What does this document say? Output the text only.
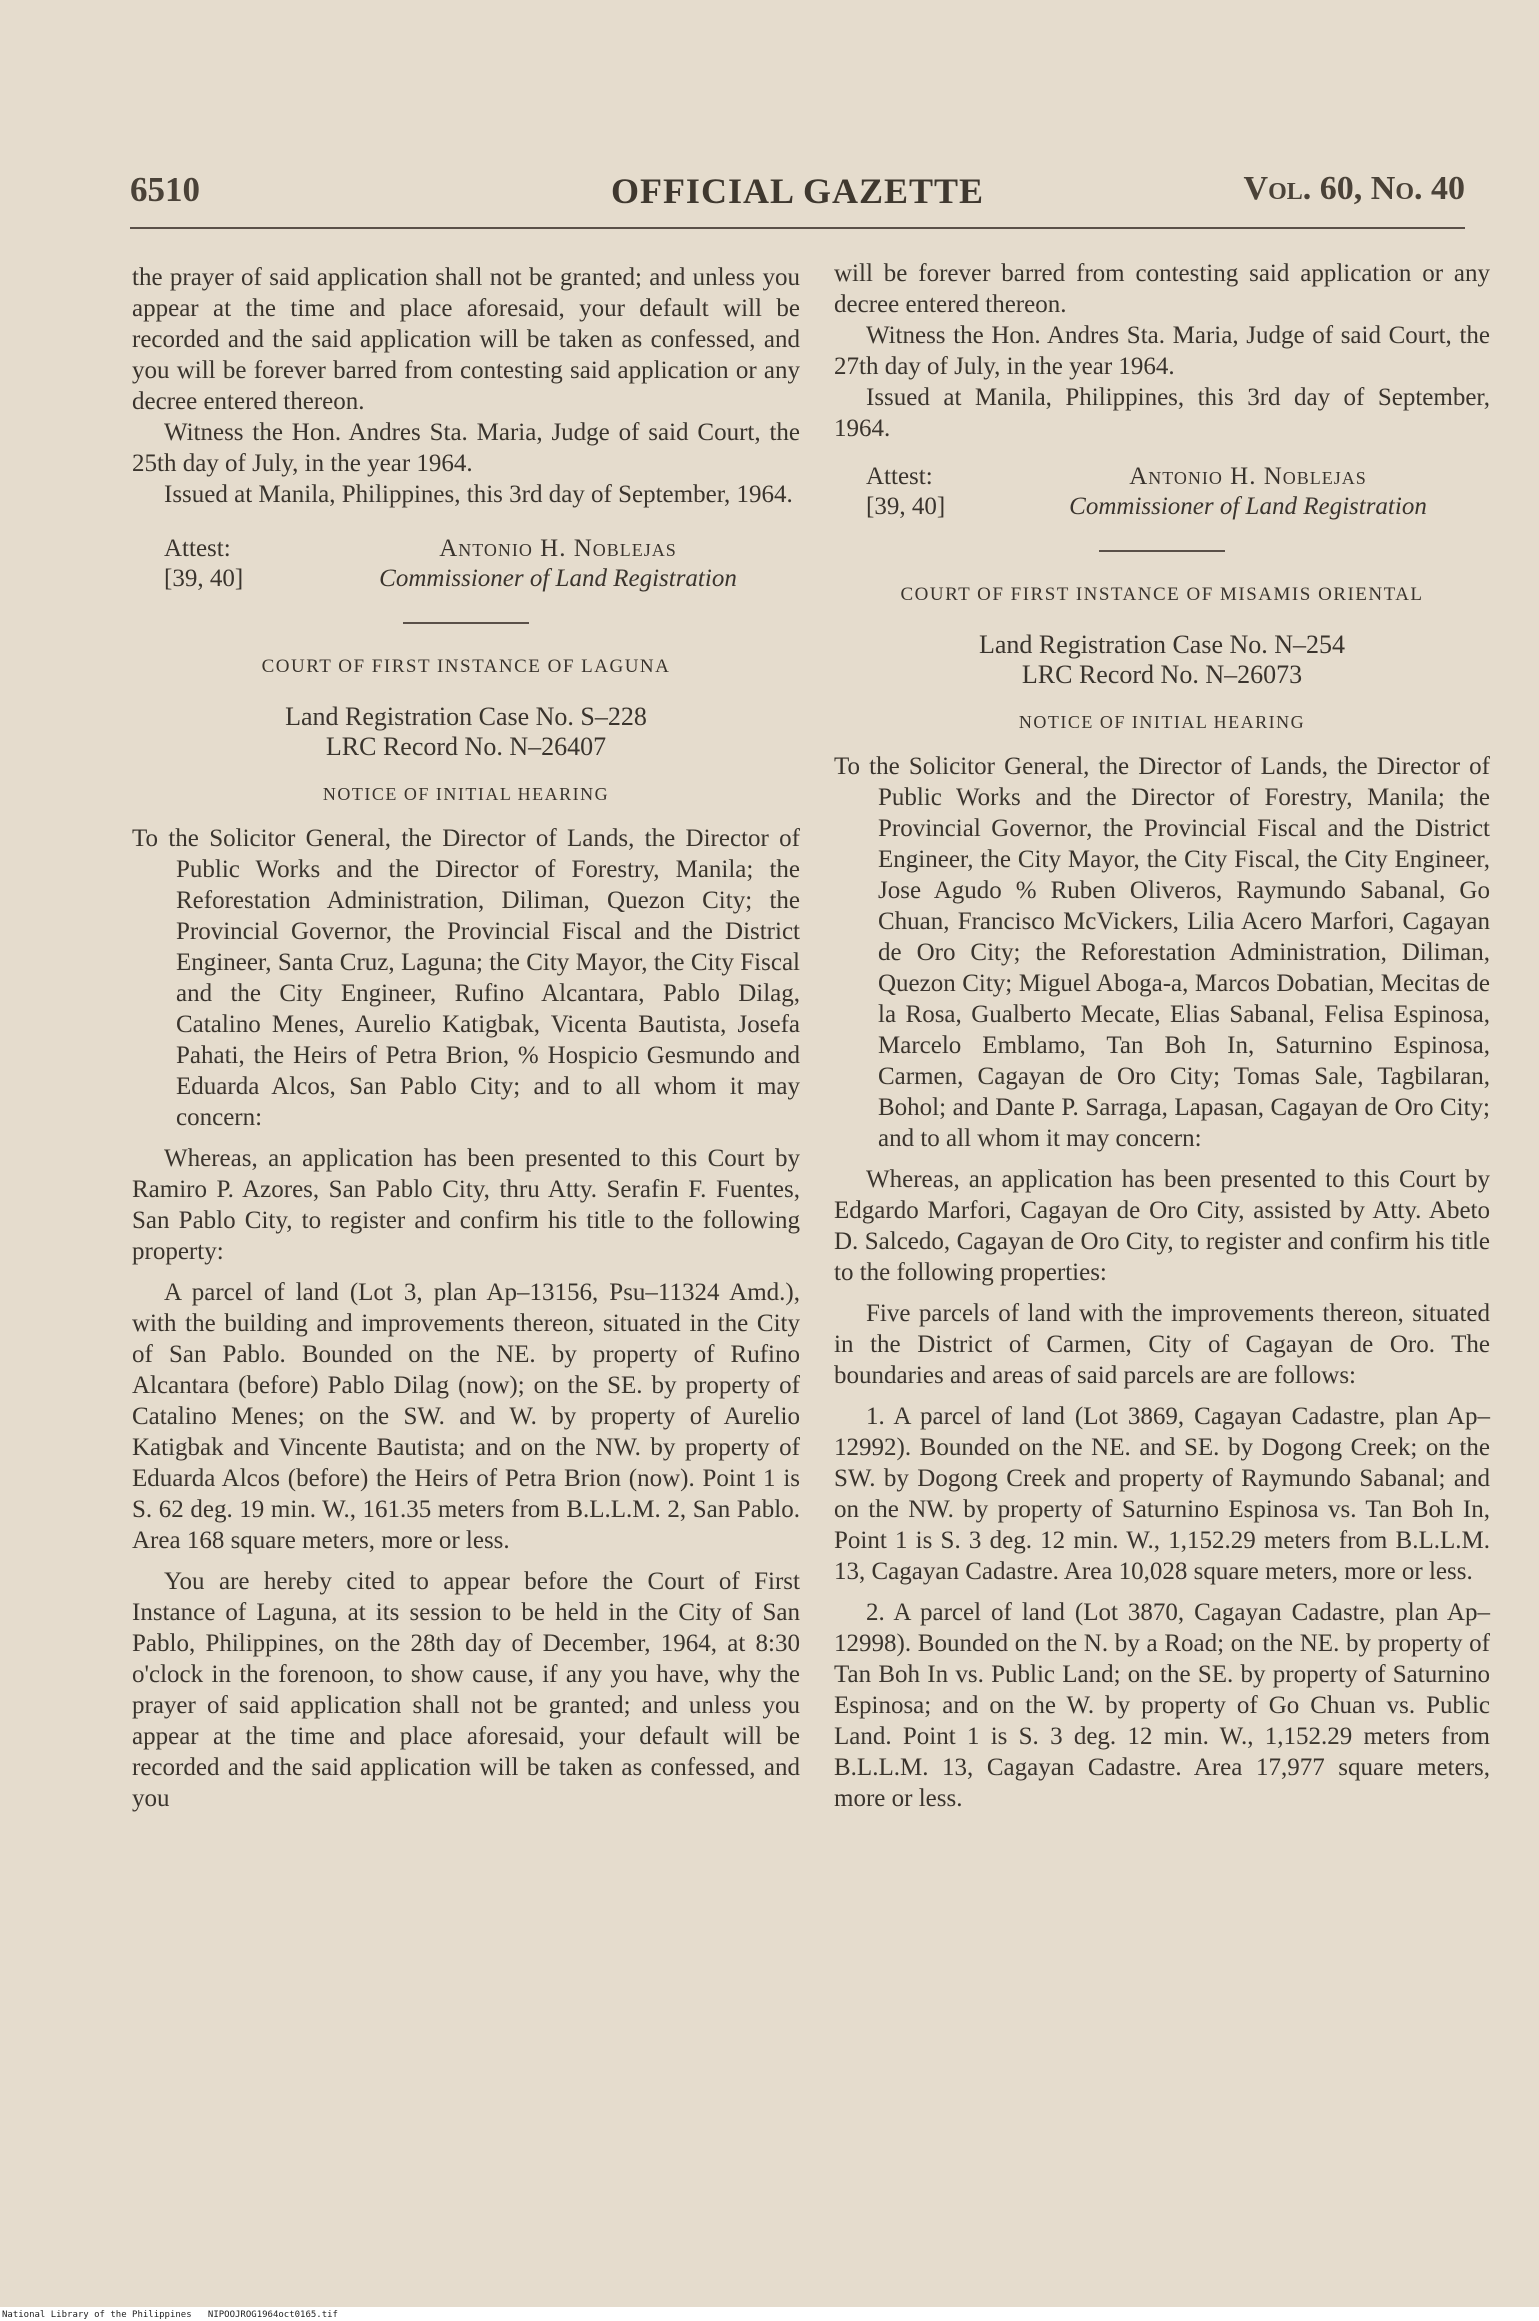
6510	OFFICIAL GAZETTE	Vol. 60, No. 40

the prayer of said application shall not be granted; and unless you appear at the time and place aforesaid, your default will be recorded and the said application will be taken as confessed, and you will be forever barred from contesting said application or any decree entered thereon.

Witness the Hon. Andres Sta. Maria, Judge of said Court, the 25th day of July, in the year 1964.

Issued at Manila, Philippines, this 3rd day of September, 1964.

Attest:
[39, 40]
Antonio H. Noblejas
Commissioner of Land Registration
COURT OF FIRST INSTANCE OF LAGUNA
Land Registration Case No. S–228
LRC Record No. N–26407
NOTICE OF INITIAL HEARING
To the Solicitor General, the Director of Lands, the Director of Public Works and the Director of Forestry, Manila; the Reforestation Administration, Diliman, Quezon City; the Provincial Governor, the Provincial Fiscal and the District Engineer, Santa Cruz, Laguna; the City Mayor, the City Fiscal and the City Engineer, Rufino Alcantara, Pablo Dilag, Catalino Menes, Aurelio Katigbak, Vicenta Bautista, Josefa Pahati, the Heirs of Petra Brion, % Hospicio Gesmundo and Eduarda Alcos, San Pablo City; and to all whom it may concern:

Whereas, an application has been presented to this Court by Ramiro P. Azores, San Pablo City, thru Atty. Serafin F. Fuentes, San Pablo City, to register and confirm his title to the following property:

A parcel of land (Lot 3, plan Ap–13156, Psu–11324 Amd.), with the building and improvements thereon, situated in the City of San Pablo. Bounded on the NE. by property of Rufino Alcantara (before) Pablo Dilag (now); on the SE. by property of Catalino Menes; on the SW. and W. by property of Aurelio Katigbak and Vincente Bautista; and on the NW. by property of Eduarda Alcos (before) the Heirs of Petra Brion (now). Point 1 is S. 62 deg. 19 min. W., 161.35 meters from B.L.L.M. 2, San Pablo. Area 168 square meters, more or less.

You are hereby cited to appear before the Court of First Instance of Laguna, at its session to be held in the City of San Pablo, Philippines, on the 28th day of December, 1964, at 8:30 o'clock in the forenoon, to show cause, if any you have, why the prayer of said application shall not be granted; and unless you appear at the time and place aforesaid, your default will be recorded and the said application will be taken as confessed, and you

will be forever barred from contesting said application or any decree entered thereon.

Witness the Hon. Andres Sta. Maria, Judge of said Court, the 27th day of July, in the year 1964.

Issued at Manila, Philippines, this 3rd day of September, 1964.

Attest:
[39, 40]
Antonio H. Noblejas
Commissioner of Land Registration
COURT OF FIRST INSTANCE OF MISAMIS ORIENTAL
Land Registration Case No. N–254
LRC Record No. N–26073
NOTICE OF INITIAL HEARING
To the Solicitor General, the Director of Lands, the Director of Public Works and the Director of Forestry, Manila; the Provincial Governor, the Provincial Fiscal and the District Engineer, the City Mayor, the City Fiscal, the City Engineer, Jose Agudo % Ruben Oliveros, Raymundo Sabanal, Go Chuan, Francisco McVickers, Lilia Acero Marfori, Cagayan de Oro City; the Reforestation Administration, Diliman, Quezon City; Miguel Aboga-a, Marcos Dobatian, Mecitas de la Rosa, Gualberto Mecate, Elias Sabanal, Felisa Espinosa, Marcelo Emblamo, Tan Boh In, Saturnino Espinosa, Carmen, Cagayan de Oro City; Tomas Sale, Tagbilaran, Bohol; and Dante P. Sarraga, Lapasan, Cagayan de Oro City; and to all whom it may concern:

Whereas, an application has been presented to this Court by Edgardo Marfori, Cagayan de Oro City, assisted by Atty. Abeto D. Salcedo, Cagayan de Oro City, to register and confirm his title to the following properties:

Five parcels of land with the improvements thereon, situated in the District of Carmen, City of Cagayan de Oro. The boundaries and areas of said parcels are are follows:

1. A parcel of land (Lot 3869, Cagayan Cadastre, plan Ap–12992). Bounded on the NE. and SE. by Dogong Creek; on the SW. by Dogong Creek and property of Raymundo Sabanal; and on the NW. by property of Saturnino Espinosa vs. Tan Boh In, Point 1 is S. 3 deg. 12 min. W., 1,152.29 meters from B.L.L.M. 13, Cagayan Cadastre. Area 10,028 square meters, more or less.

2. A parcel of land (Lot 3870, Cagayan Cadastre, plan Ap–12998). Bounded on the N. by a Road; on the NE. by property of Tan Boh In vs. Public Land; on the SE. by property of Saturnino Espinosa; and on the W. by property of Go Chuan vs. Public Land. Point 1 is S. 3 deg. 12 min. W., 1,152.29 meters from B.L.L.M. 13, Cagayan Cadastre. Area 17,977 square meters, more or less.

National Library of the Philippines NIPOOJROG1964oct0165.tif
